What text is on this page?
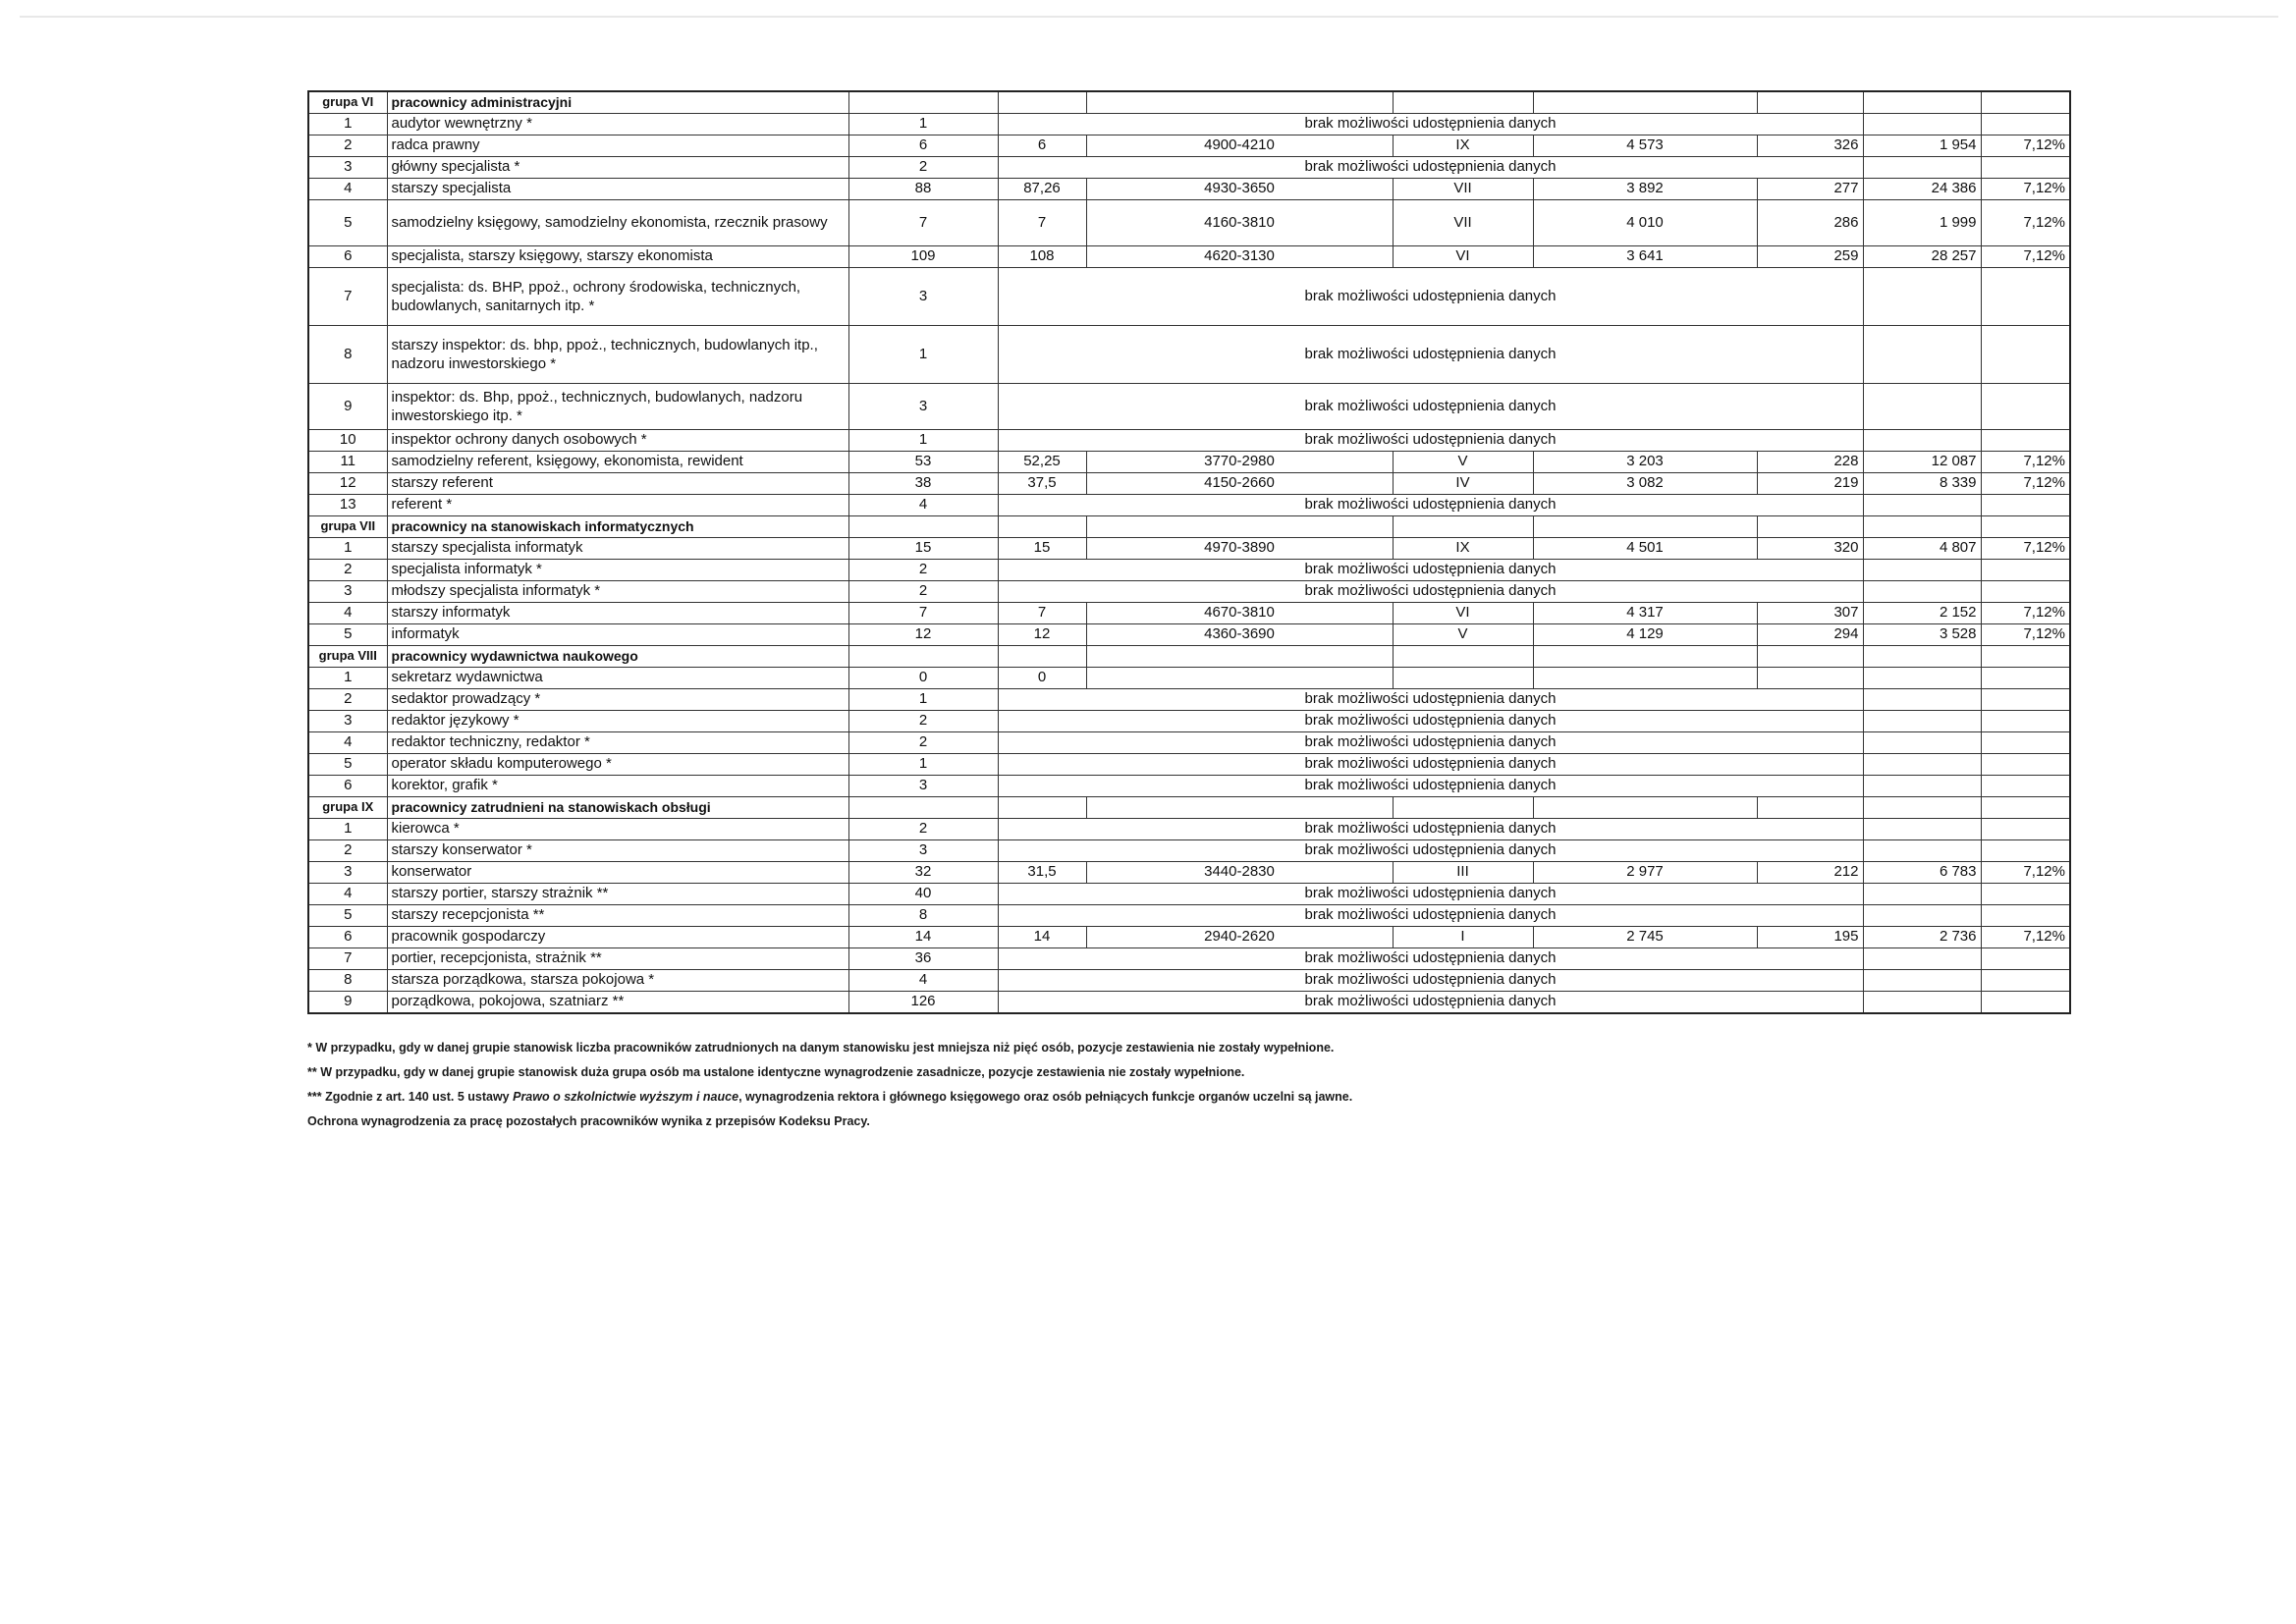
grupa VI	pracownicy administracyjni								
1	audytor wewnętrzny *	1	brak możliwości udostępnienia danych						
2	radca prawny	6	6	4900-4210	IX	4 573	326	1 954	7,12%
3	główny specjalista *	2	brak możliwości udostępnienia danych						
4	starszy specjalista	88	87,26	4930-3650	VII	3 892	277	24 386	7,12%
5	samodzielny księgowy, samodzielny ekonomista, rzecznik prasowy	7	7	4160-3810	VII	4 010	286	1 999	7,12%
6	specjalista, starszy księgowy, starszy ekonomista	109	108	4620-3130	VI	3 641	259	28 257	7,12%
7	specjalista: ds. BHP, ppoż., ochrony środowiska, technicznych, budowlanych, sanitarnych itp. *	3	brak możliwości udostępnienia danych						
8	starszy inspektor: ds. bhp, ppoż., technicznych, budowlanych itp., nadzoru inwestorskiego *	1	brak możliwości udostępnienia danych						
9	inspektor: ds. Bhp, ppoż., technicznych, budowlanych, nadzoru inwestorskiego itp. *	3	brak możliwości udostępnienia danych						
10	inspektor ochrony danych osobowych *	1	brak możliwości udostępnienia danych						
11	samodzielny referent, księgowy, ekonomista, rewident	53	52,25	3770-2980	V	3 203	228	12 087	7,12%
12	starszy referent	38	37,5	4150-2660	IV	3 082	219	8 339	7,12%
13	referent *	4	brak możliwości udostępnienia danych						
grupa VII	pracownicy na stanowiskach informatycznych								
1	starszy specjalista informatyk	15	15	4970-3890	IX	4 501	320	4 807	7,12%
2	specjalista informatyk *	2	brak możliwości udostępnienia danych						
3	młodszy specjalista informatyk *	2	brak możliwości udostępnienia danych						
4	starszy informatyk	7	7	4670-3810	VI	4 317	307	2 152	7,12%
5	informatyk	12	12	4360-3690	V	4 129	294	3 528	7,12%
grupa VIII	pracownicy wydawnictwa naukowego								
1	sekretarz wydawnictwa	0	0						
2	sedaktor prowadzący *	1	brak możliwości udostępnienia danych						
3	redaktor językowy *	2	brak możliwości udostępnienia danych						
4	redaktor techniczny, redaktor *	2	brak możliwości udostępnienia danych						
5	operator składu komputerowego *	1	brak możliwości udostępnienia danych						
6	korektor, grafik *	3	brak możliwości udostępnienia danych						
grupa IX	pracownicy zatrudnieni na stanowiskach obsługi								
1	kierowca *	2	brak możliwości udostępnienia danych						
2	starszy konserwator *	3	brak możliwości udostępnienia danych						
3	konserwator	32	31,5	3440-2830	III	2 977	212	6 783	7,12%
4	starszy portier, starszy strażnik **	40	brak możliwości udostępnienia danych						
5	starszy recepcjonista **	8	brak możliwości udostępnienia danych						
6	pracownik gospodarczy	14	14	2940-2620	I	2 745	195	2 736	7,12%
7	portier, recepcjonista, strażnik **	36	brak możliwości udostępnienia danych						
8	starsza porządkowa, starsza pokojowa *	4	brak możliwości udostępnienia danych						
9	porządkowa, pokojowa, szatniarz **	126	brak możliwości udostępnienia danych						

* W przypadku, gdy w danej grupie stanowisk liczba pracowników zatrudnionych na danym stanowisku jest mniejsza niż pięć osób, pozycje zestawienia nie zostały wypełnione.

** W przypadku, gdy w danej grupie stanowisk duża grupa osób ma ustalone identyczne wynagrodzenie zasadnicze, pozycje zestawienia nie zostały wypełnione.

*** Zgodnie z art. 140 ust. 5 ustawy Prawo o szkolnictwie wyższym i nauce, wynagrodzenia rektora i głównego księgowego oraz osób pełniących funkcje organów uczelni są jawne.

Ochrona wynagrodzenia za pracę pozostałych pracowników wynika z przepisów Kodeksu Pracy.
